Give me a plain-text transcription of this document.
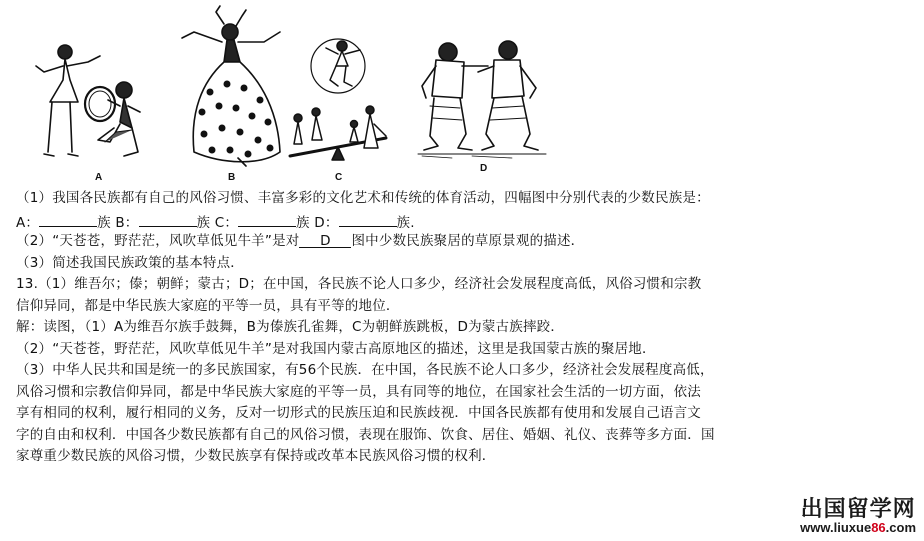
A	B	C
D
（1）我国各民族都有自己的风俗习惯、丰富多彩的文化艺术和传统的体育活动，四幅图中分别代表的少数民族是：
A：	族 B：	族 C：	族 D：	族.
（2）“天苍苍，野茫茫，风吹草低见牛羊”是对 D 图中少数民族聚居的草原景观的描述．
（3）简述我国民族政策的基本特点．
13.（1）维吾尔；傣；朝鲜；蒙古；D；在中国，各民族不论人口多少，经济社会发展程度高低，风俗习惯和宗教
信仰异同，都是中华民族大家庭的平等一员，具有平等的地位．
解：读图，（1）A为维吾尔族手鼓舞，B为傣族孔雀舞，C为朝鲜族跳板，D为蒙古族摔跤．
（2）“天苍苍，野茫茫，风吹草低见牛羊”是对我国内蒙古高原地区的描述，这里是我国蒙古族的聚居地．
（3）中华人民共和国是统一的多民族国家，有56个民族．在中国，各民族不论人口多少，经济社会发展程度高低，
风俗习惯和宗教信仰异同，都是中华民族大家庭的平等一员，具有同等的地位，在国家社会生活的一切方面，依法
享有相同的权利，履行相同的义务，反对一切形式的民族压迫和民族歧视．中国各民族都有使用和发展自己语言文
字的自由和权利．中国各少数民族都有自己的风俗习惯，表现在服饰、饮食、居住、婚姻、礼仪、丧葬等多方面．国
家尊重少数民族的风俗习惯，少数民族享有保持或改革本民族风俗习惯的权利．
出国留学网
www.liuxue86.com
